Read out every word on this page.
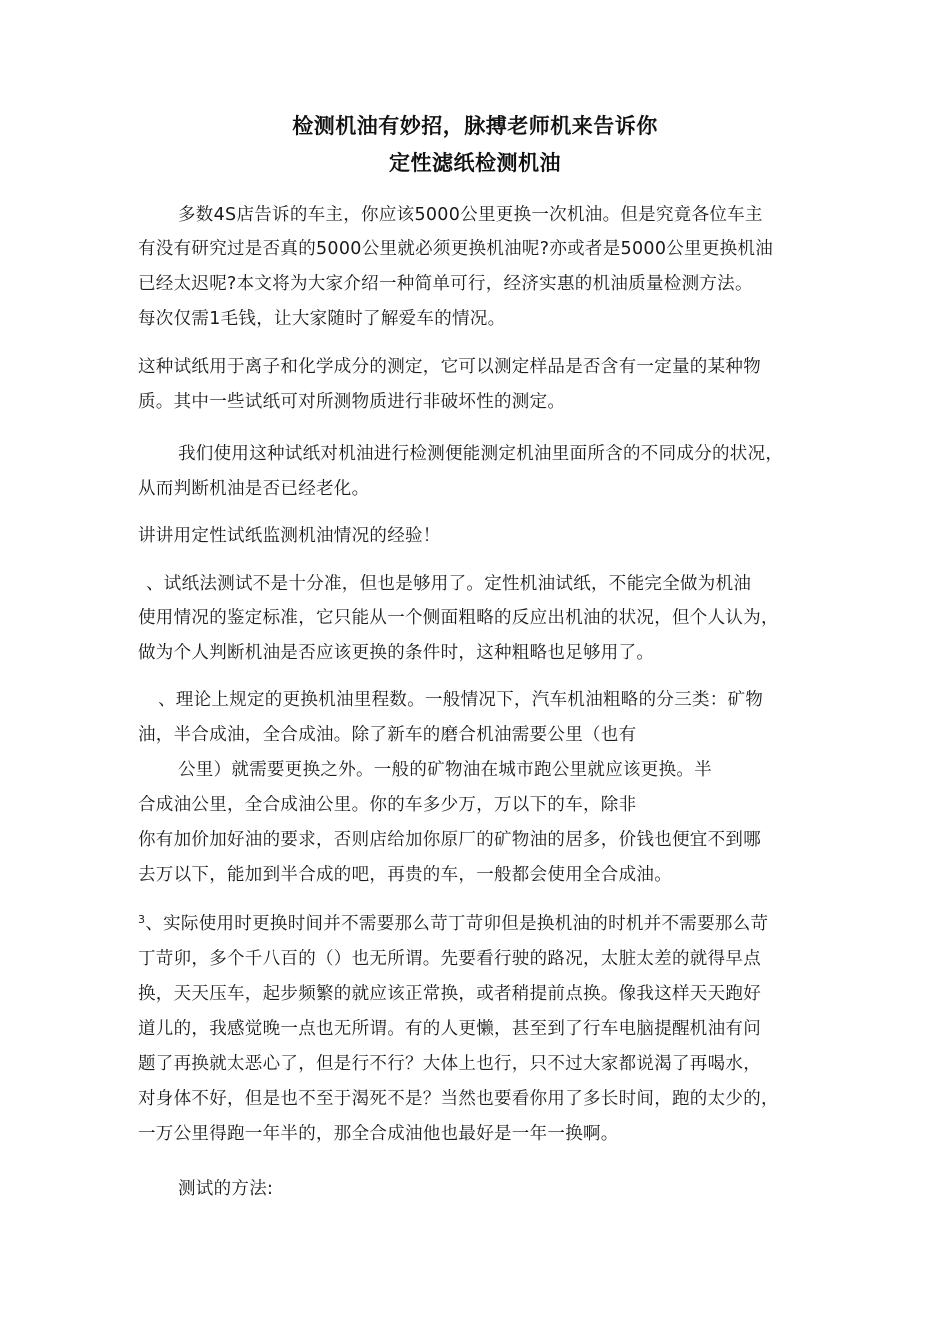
检测机油有妙招，脉搏老师机来告诉你
定性滤纸检测机油
多数4S店告诉的车主，你应该5000公里更换一次机油。但是究竟各位车主
有没有研究过是否真的5000公里就必须更换机油呢?亦或者是5000公里更换机油
已经太迟呢?本文将为大家介绍一种简单可行，经济实惠的机油质量检测方法。
每次仅需1毛钱，让大家随时了解爱车的情况。
这种试纸用于离子和化学成分的测定，它可以测定样品是否含有一定量的某种物
质。其中一些试纸可对所测物质进行非破坏性的测定。
我们使用这种试纸对机油进行检测便能测定机油里面所含的不同成分的状况，
从而判断机油是否已经老化。
讲讲用定性试纸监测机油情况的经验！
、试纸法测试不是十分准，但也是够用了。定性机油试纸，不能完全做为机油
使用情况的鉴定标准，它只能从一个侧面粗略的反应出机油的状况，但个人认为，
做为个人判断机油是否应该更换的条件时，这种粗略也足够用了。
、理论上规定的更换机油里程数。一般情况下，汽车机油粗略的分三类：矿物
油，半合成油，全合成油。除了新车的磨合机油需要公里（也有
公里）就需要更换之外。一般的矿物油在城市跑公里就应该更换。半
合成油公里，全合成油公里。你的车多少万，万以下的车，除非
你有加价加好油的要求，否则店给加你原厂的矿物油的居多，价钱也便宜不到哪
去万以下，能加到半合成的吧，再贵的车，一般都会使用全合成油。
$^3$、实际使用时更换时间并不需要那么苛丁苛卯但是换机油的时机并不需要那么苛
丁苛卯，多个千八百的（）也无所谓。先要看行驶的路况，太脏太差的就得早点
换，天天压车，起步频繁的就应该正常换，或者稍提前点换。像我这样天天跑好
道儿的，我感觉晚一点也无所谓。有的人更懒，甚至到了行车电脑提醒机油有问
题了再换就太恶心了，但是行不行？大体上也行，只不过大家都说渴了再喝水，
对身体不好，但是也不至于渴死不是？当然也要看你用了多长时间，跑的太少的，
一万公里得跑一年半的，那全合成油他也最好是一年一换啊。
测试的方法:
